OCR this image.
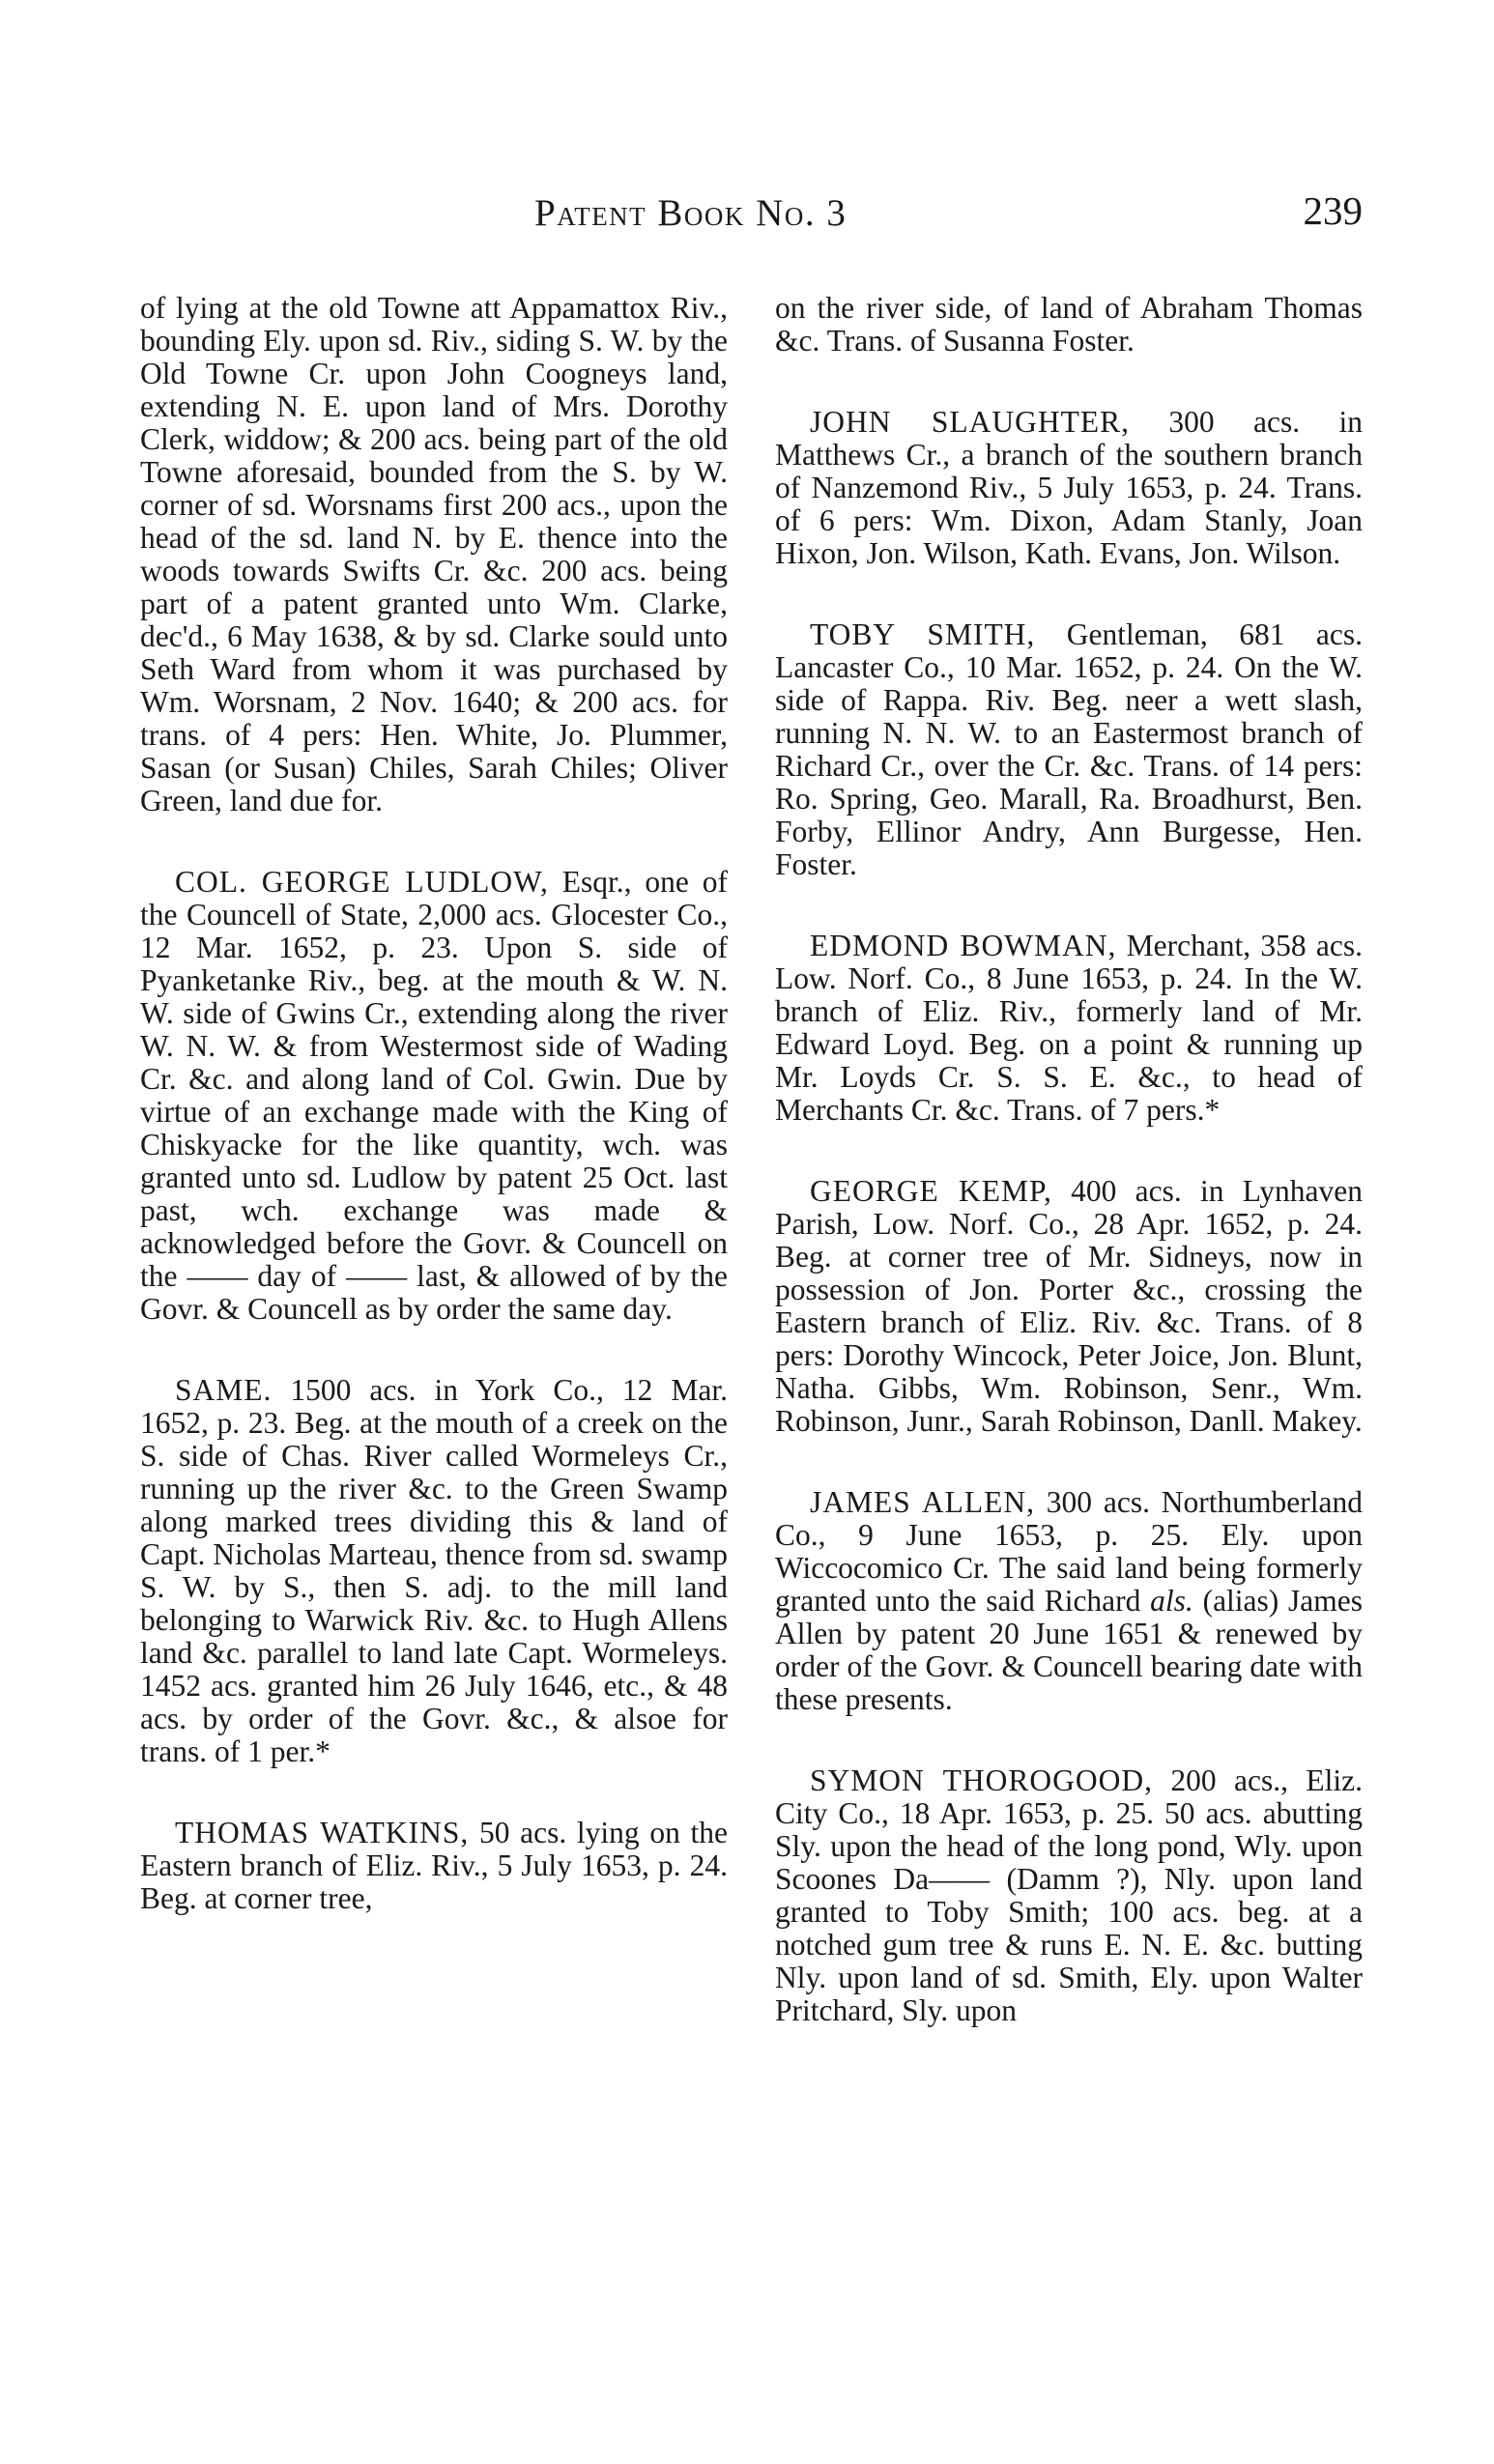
Patent Book No. 3	239

of lying at the old Towne att Appamattox Riv., bounding Ely. upon sd. Riv., siding S. W. by the Old Towne Cr. upon John Coogneys land, extending N. E. upon land of Mrs. Dorothy Clerk, widdow; & 200 acs. being part of the old Towne aforesaid, bounded from the S. by W. corner of sd. Worsnams first 200 acs., upon the head of the sd. land N. by E. thence into the woods towards Swifts Cr. &c. 200 acs. being part of a patent granted unto Wm. Clarke, dec'd., 6 May 1638, & by sd. Clarke sould unto Seth Ward from whom it was purchased by Wm. Worsnam, 2 Nov. 1640; & 200 acs. for trans. of 4 pers: Hen. White, Jo. Plummer, Sasan (or Susan) Chiles, Sarah Chiles; Oliver Green, land due for.

COL. GEORGE LUDLOW, Esqr., one of the Councell of State, 2,000 acs. Glocester Co., 12 Mar. 1652, p. 23. Upon S. side of Pyanketanke Riv., beg. at the mouth & W. N. W. side of Gwins Cr., extending along the river W. N. W. & from Westermost side of Wading Cr. &c. and along land of Col. Gwin. Due by virtue of an exchange made with the King of Chiskyacke for the like quantity, wch. was granted unto sd. Ludlow by patent 25 Oct. last past, wch. exchange was made & acknowledged before the Govr. & Councell on the —— day of —— last, & allowed of by the Govr. & Councell as by order the same day.

SAME. 1500 acs. in York Co., 12 Mar. 1652, p. 23. Beg. at the mouth of a creek on the S. side of Chas. River called Wormeleys Cr., running up the river &c. to the Green Swamp along marked trees dividing this & land of Capt. Nicholas Marteau, thence from sd. swamp S. W. by S., then S. adj. to the mill land belonging to Warwick Riv. &c. to Hugh Allens land &c. parallel to land late Capt. Wormeleys. 1452 acs. granted him 26 July 1646, etc., & 48 acs. by order of the Govr. &c., & alsoe for trans. of 1 per.*

THOMAS WATKINS, 50 acs. lying on the Eastern branch of Eliz. Riv., 5 July 1653, p. 24. Beg. at corner tree,

on the river side, of land of Abraham Thomas &c. Trans. of Susanna Foster.

JOHN SLAUGHTER, 300 acs. in Matthews Cr., a branch of the southern branch of Nanzemond Riv., 5 July 1653, p. 24. Trans. of 6 pers: Wm. Dixon, Adam Stanly, Joan Hixon, Jon. Wilson, Kath. Evans, Jon. Wilson.

TOBY SMITH, Gentleman, 681 acs. Lancaster Co., 10 Mar. 1652, p. 24. On the W. side of Rappa. Riv. Beg. neer a wett slash, running N. N. W. to an Eastermost branch of Richard Cr., over the Cr. &c. Trans. of 14 pers: Ro. Spring, Geo. Marall, Ra. Broadhurst, Ben. Forby, Ellinor Andry, Ann Burgesse, Hen. Foster.

EDMOND BOWMAN, Merchant, 358 acs. Low. Norf. Co., 8 June 1653, p. 24. In the W. branch of Eliz. Riv., formerly land of Mr. Edward Loyd. Beg. on a point & running up Mr. Loyds Cr. S. S. E. &c., to head of Merchants Cr. &c. Trans. of 7 pers.*

GEORGE KEMP, 400 acs. in Lynhaven Parish, Low. Norf. Co., 28 Apr. 1652, p. 24. Beg. at corner tree of Mr. Sidneys, now in possession of Jon. Porter &c., crossing the Eastern branch of Eliz. Riv. &c. Trans. of 8 pers: Dorothy Wincock, Peter Joice, Jon. Blunt, Natha. Gibbs, Wm. Robinson, Senr., Wm. Robinson, Junr., Sarah Robinson, Danll. Makey.

JAMES ALLEN, 300 acs. Northumberland Co., 9 June 1653, p. 25. Ely. upon Wiccocomico Cr. The said land being formerly granted unto the said Richard als. (alias) James Allen by patent 20 June 1651 & renewed by order of the Govr. & Councell bearing date with these presents.

SYMON THOROGOOD, 200 acs., Eliz. City Co., 18 Apr. 1653, p. 25. 50 acs. abutting Sly. upon the head of the long pond, Wly. upon Scoones Da—— (Damm ?), Nly. upon land granted to Toby Smith; 100 acs. beg. at a notched gum tree & runs E. N. E. &c. butting Nly. upon land of sd. Smith, Ely. upon Walter Pritchard, Sly. upon
